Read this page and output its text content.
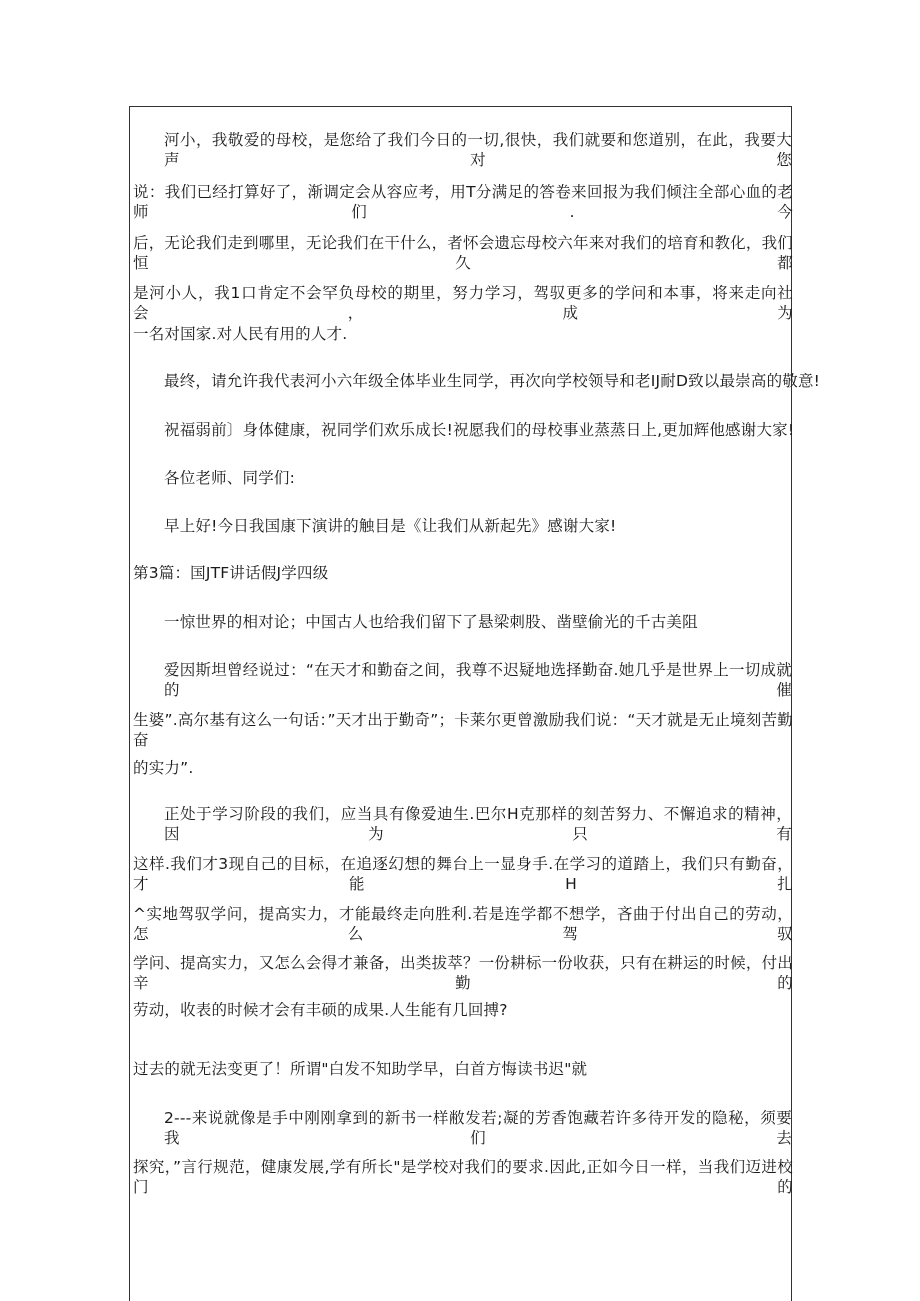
河小，我敬爱的母校，是您给了我们今日的一切,很快，我们就要和您道别，在此，我要大声对您
说：我们已经打算好了，渐调定会从容应考，用T分满足的答卷来回报为我们倾注全部心血的老师们.今
后，无论我们走到哪里，无论我们在干什么，者怀会遗忘母校六年来对我们的培育和教化，我们恒久都
是河小人，我1口肯定不会罕负母校的期里，努力学习，驾驭更多的学问和本事，将来走向社会，成为
一名对国家.对人民有用的人才.
最终，请允许我代表河小六年级全体毕业生同学，再次向学校领导和老IJ耐D致以最崇高的敬意!
祝福弱前〕身体健康，祝同学们欢乐成长!祝愿我们的母校事业蒸蒸日上,更加辉他感谢大家!
各位老师、同学们:
早上好!今日我国康下演讲的触目是《让我们从新起先》感谢大家!
第3篇：国JTF讲话假J学四级
一惊世界的相对论；中国古人也给我们留下了悬梁刺股、凿壁偷光的千古美阻
爱因斯坦曾经说过：“在天才和勤奋之间，我尊不迟疑地选择勤奋.她几乎是世界上一切成就的催
生婆”.高尔基有这么一句话：”天才出于勤奇”；卡莱尔更曾激励我们说：“天才就是无止境刻苦勤奋
的实力”.
正处于学习阶段的我们，应当具有像爱迪生.巴尔H克那样的刻苦努力、不懈追求的精神，因为只有
这样.我们才3现自己的目标，在追逐幻想的舞台上一显身手.在学习的道踏上，我们只有勤奋，才能H扎
^实地驾驭学问，提高实力，才能最终走向胜利.若是连学都不想学，吝曲于付出自己的劳动，怎么驾驭
学问、提高实力，又怎么会得才兼备，出类拔萃？一份耕标一份收获，只有在耕运的时候，付出辛勤的
劳动，收表的时候才会有丰硕的成果.人生能有几回搏?
过去的就无法变更了！所谓"白发不知助学早，白首方悔读书迟"就
2---来说就像是手中刚刚拿到的新书一样敝发若;凝的芳香饱藏若许多待开发的隐秘，须要我们去
探究，”言行规范，健康发展,学有所长"是学校对我们的要求.因此,正如今日一样，当我们迈进校门的
